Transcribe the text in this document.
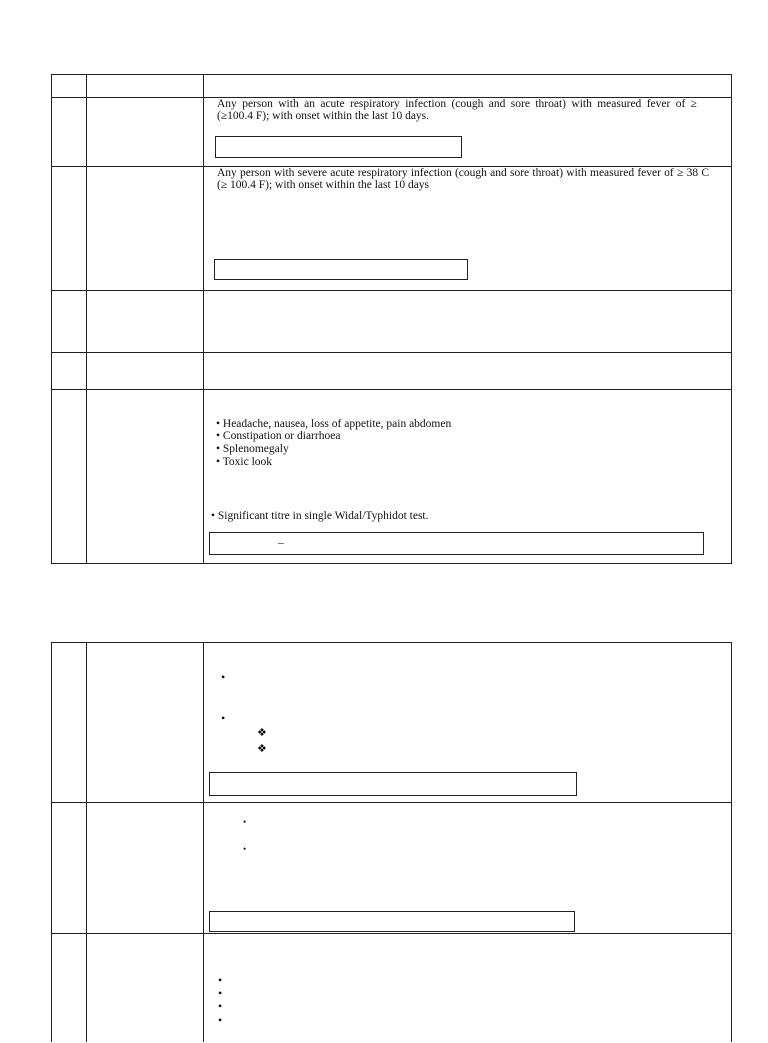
Any person with an acute respiratory infection (cough and sore throat) with measured fever of ≥ (≥100.4 F); with onset within the last 10 days.
Any person with severe acute respiratory infection (cough and sore throat) with measured fever of ≥ 38 C (≥ 100.4 F); with onset within the last 10 days
• Headache, nausea, loss of appetite, pain abdomen
• Constipation or diarrhoea
• Splenomegaly
• Toxic look
• Significant titre in single Widal/Typhidot test.
–
•
•
❖
❖
•
•
•
•
•
•
